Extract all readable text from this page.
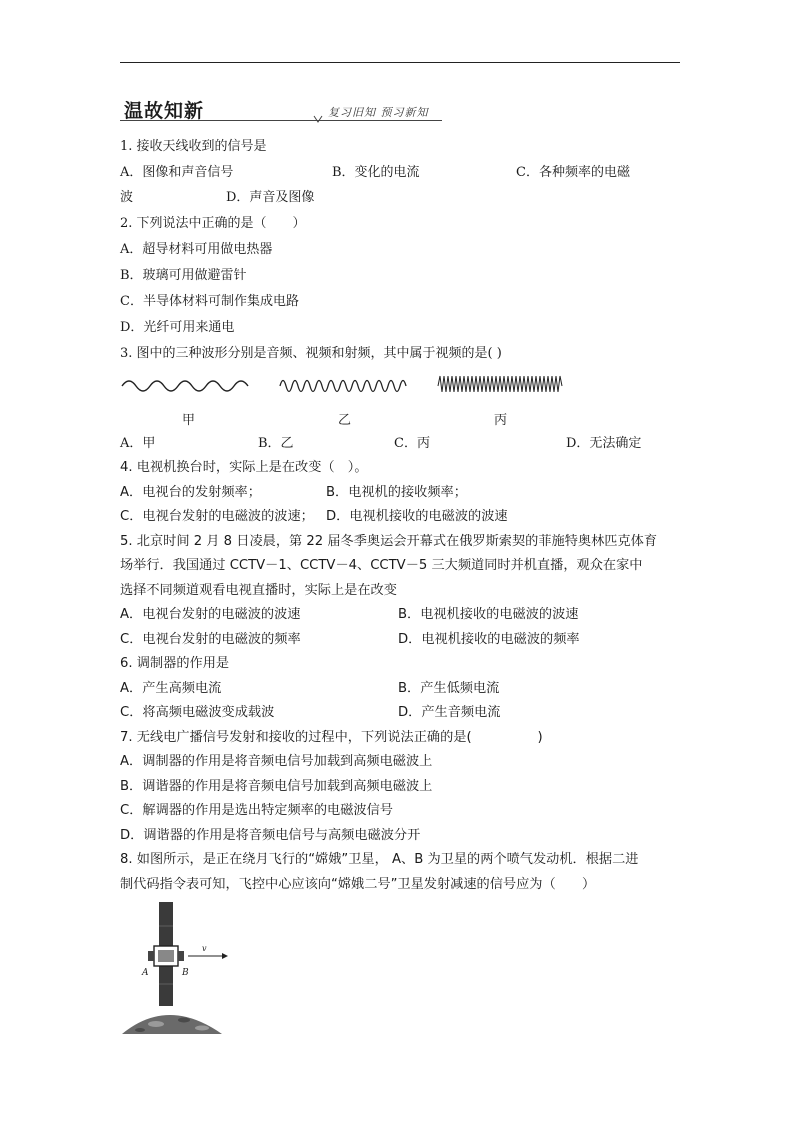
温故知新	复习旧知 预习新知
1. 接收天线收到的信号是
A．图像和声音信号	B．变化的电流	C．各种频率的电磁
波	D．声音及图像
2. 下列说法中正确的是（　　）
A．超导材料可用做电热器
B．玻璃可用做避雷针
C．半导体材料可制作集成电路
D．光纤可用来通电
3. 图中的三种波形分别是音频、视频和射频，其中属于视频的是( )
甲	乙	丙
A．甲	B．乙	C．丙	D．无法确定
4. 电视机换台时，实际上是在改变（　）。
A．电视台的发射频率；	B．电视机的接收频率；
C．电视台发射的电磁波的波速； D．电视机接收的电磁波的波速
5. 北京时间 2 月 8 日凌晨，第 22 届冬季奥运会开幕式在俄罗斯索契的菲施特奥林匹克体育
场举行．我国通过 CCTV－1、CCTV－4、CCTV－5 三大频道同时并机直播，观众在家中
选择不同频道观看电视直播时，实际上是在改变
A．电视台发射的电磁波的波速	B．电视机接收的电磁波的波速
C．电视台发射的电磁波的频率	D．电视机接收的电磁波的频率
6. 调制器的作用是
A．产生高频电流	B．产生低频电流
C．将高频电磁波变成载波	D．产生音频电流
7. 无线电广播信号发射和接收的过程中，下列说法正确的是(　　　　　)
A．调制器的作用是将音频电信号加载到高频电磁波上
B．调谐器的作用是将音频电信号加载到高频电磁波上
C．解调器的作用是选出特定频率的电磁波信号
D．调谐器的作用是将音频电信号与高频电磁波分开
8. 如图所示，是正在绕月飞行的“嫦娥”卫星， A、B 为卫星的两个喷气发动机．根据二进
制代码指令表可知，飞控中心应该向“嫦娥二号”卫星发射减速的信号应为（　　）
A	B
v
